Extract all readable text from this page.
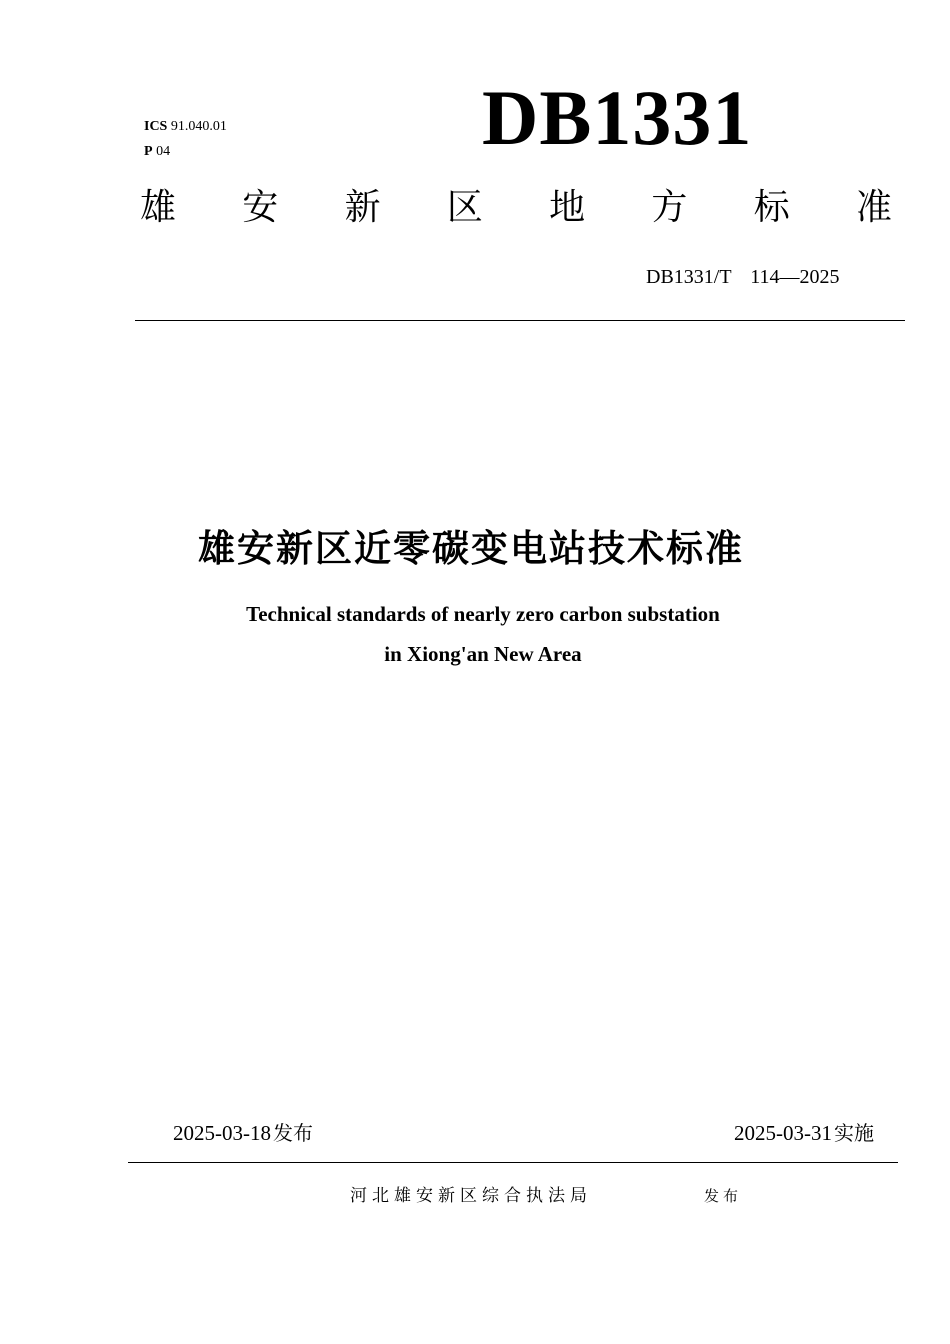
ICS 91.040.01
P 04	DB1331
雄 安 新 区 地 方 标 准
DB1331/T 114—2025
雄安新区近零碳变电站技术标准
Technical standards of nearly zero carbon substation
in Xiong'an New Area
2025-03-18 发布	2025-03-31 实施
河北雄安新区综合执法局	发布
